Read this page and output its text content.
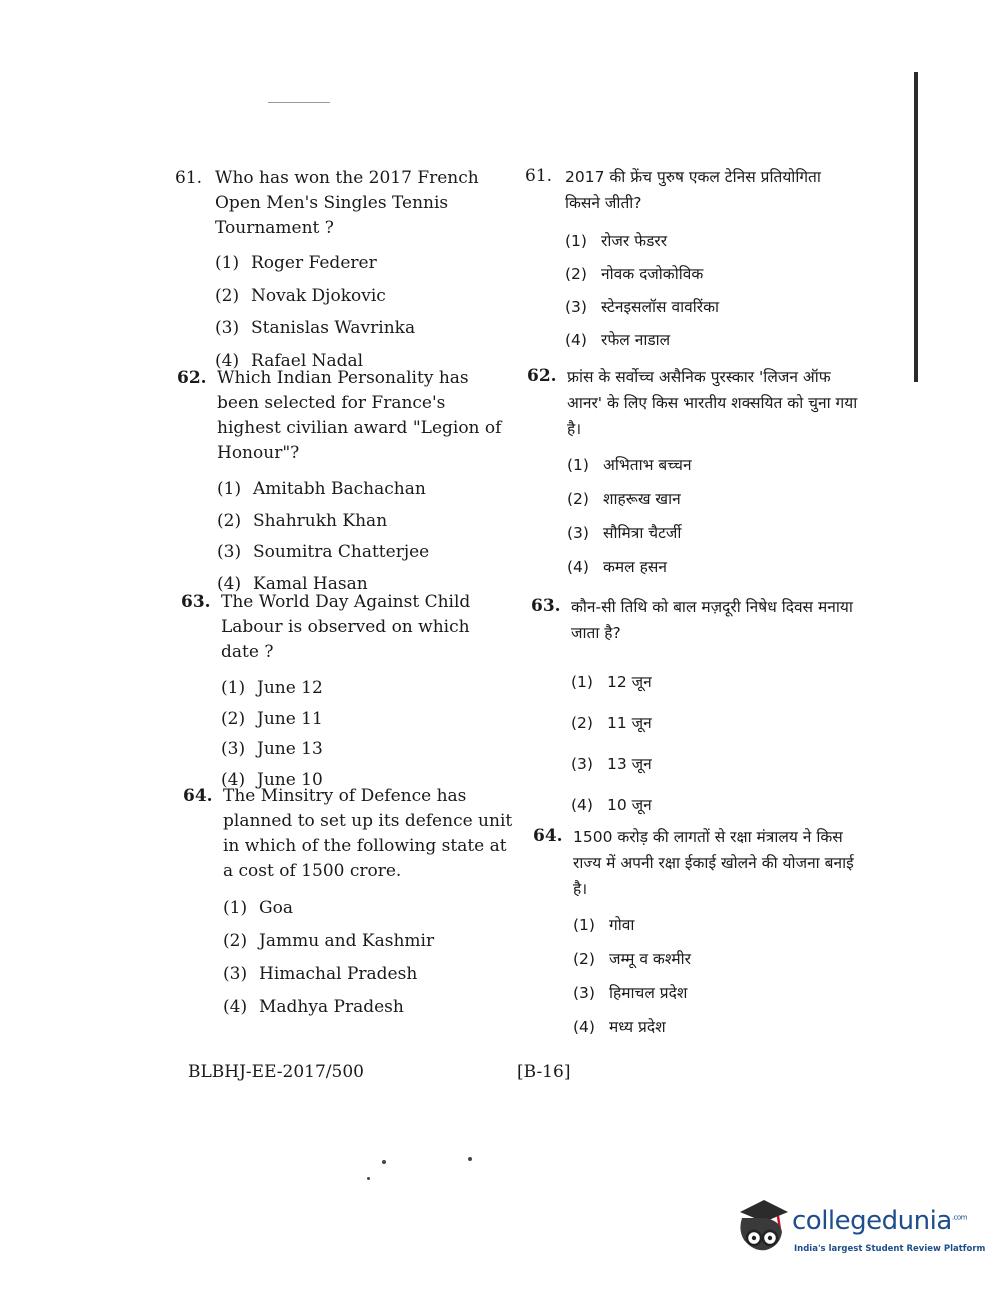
61. Who has won the 2017 French Open Men's Singles Tennis Tournament ?
(1) Roger Federer
(2) Novak Djokovic
(3) Stanislas Wavrinka
(4) Rafael Nadal
62. Which Indian Personality has been selected for France's highest civilian award "Legion of Honour"?
(1) Amitabh Bachachan
(2) Shahrukh Khan
(3) Soumitra Chatterjee
(4) Kamal Hasan
63. The World Day Against Child Labour is observed on which date ?
(1) June 12
(2) June 11
(3) June 13
(4) June 10
64. The Minsitry of Defence has planned to set up its defence unit in which of the following state at a cost of 1500 crore.
(1) Goa
(2) Jammu and Kashmir
(3) Himachal Pradesh
(4) Madhya Pradesh
61. 2017 की फ्रेंच पुरुष एकल टेनिस प्रतियोगिता किसने जीती?
(1) रोजर फेडरर
(2) नोवक दजोकोविक
(3) स्टेनइसलॉस वावरिंका
(4) रफेल नाडाल
62. फ्रांस के सर्वोच्च असैनिक पुरस्कार 'लिजन ऑफ आनर' के लिए किस भारतीय शक्सयित को चुना गया है।
(1) अभिताभ बच्चन
(2) शाहरूख खान
(3) सौमित्रा चैटर्जी
(4) कमल हसन
63. कौन-सी तिथि को बाल मज़दूरी निषेध दिवस मनाया जाता है?
(1) 12 जून
(2) 11 जून
(3) 13 जून
(4) 10 जून
64. 1500 करोड़ की लागतों से रक्षा मंत्रालय ने किस राज्य में अपनी रक्षा ईकाई खोलने की योजना बनाई है।
(1) गोवा
(2) जम्मू व कश्मीर
(3) हिमाचल प्रदेश
(4) मध्य प्रदेश
BLBHJ-EE-2017/500	[B-16]
collegedunia$^{.com}$
India's largest Student Review Platform
